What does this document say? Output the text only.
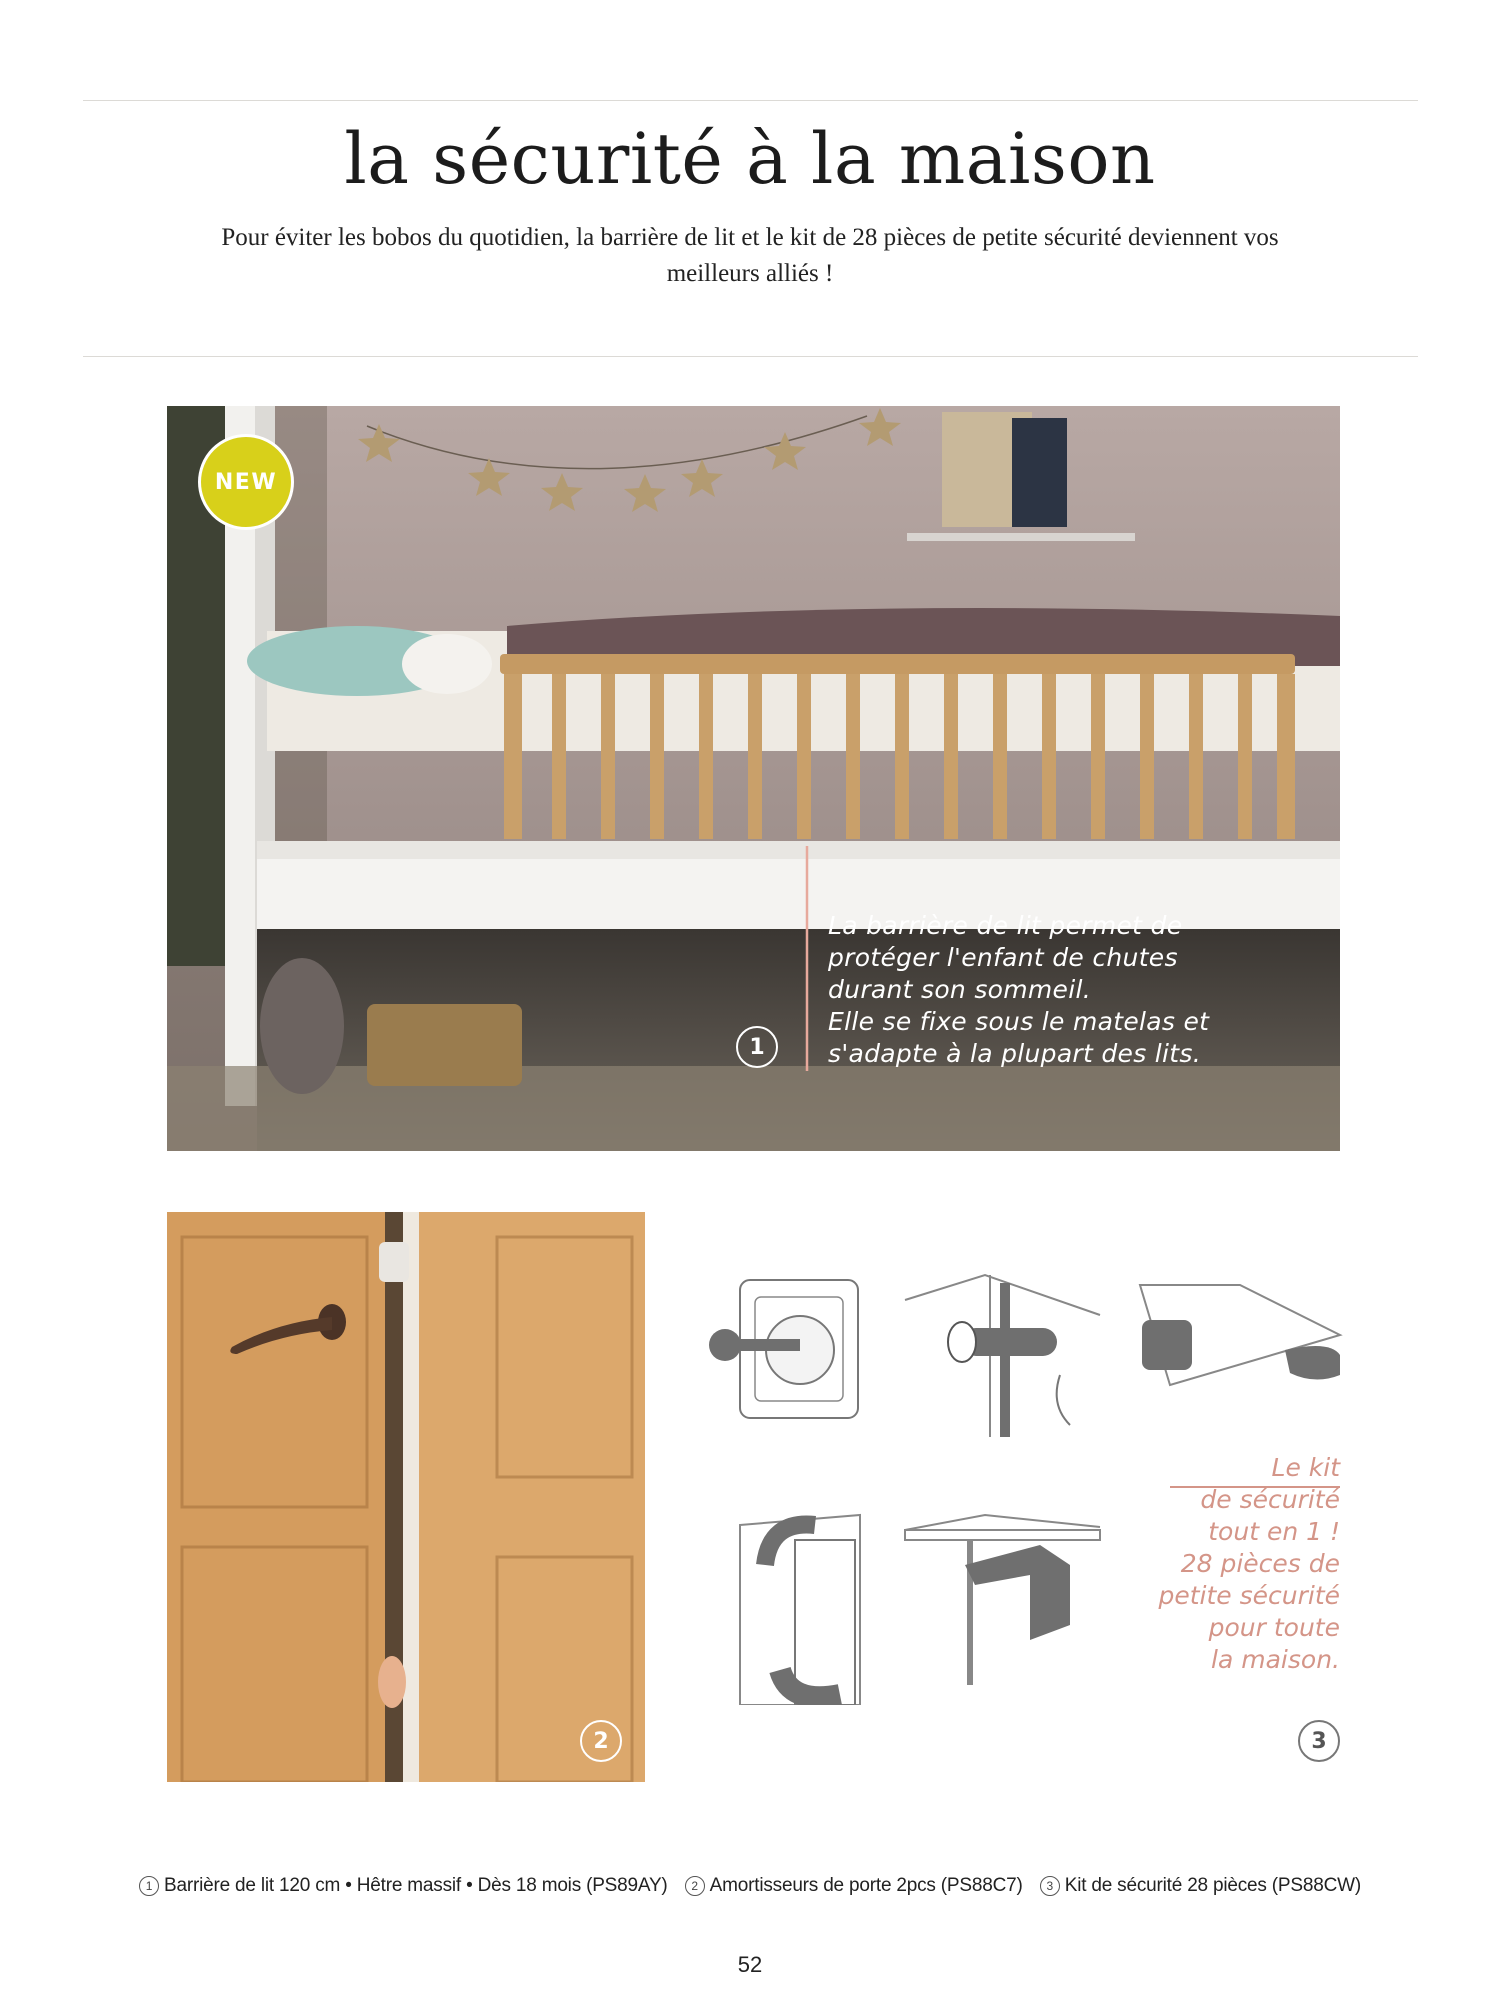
la sécurité à la maison

Pour éviter les bobos du quotidien, la barrière de lit et le kit de 28 pièces de petite sécurité deviennent vos meilleurs alliés !

NEW
1
La barrière de lit permet de
protéger l'enfant de chutes
durant son sommeil.
Elle se fixe sous le matelas et
s'adapte à la plupart des lits.
2
Le kit
de sécurité
tout en 1 !
28 pièces de
petite sécurité
pour toute
la maison.
3
1 Barrière de lit 120 cm • Hêtre massif • Dès 18 mois (PS89AY)
	2 Amortisseurs de porte 2pcs (PS88C7)
	3 Kit de sécurité 28 pièces (PS88CW)
52
